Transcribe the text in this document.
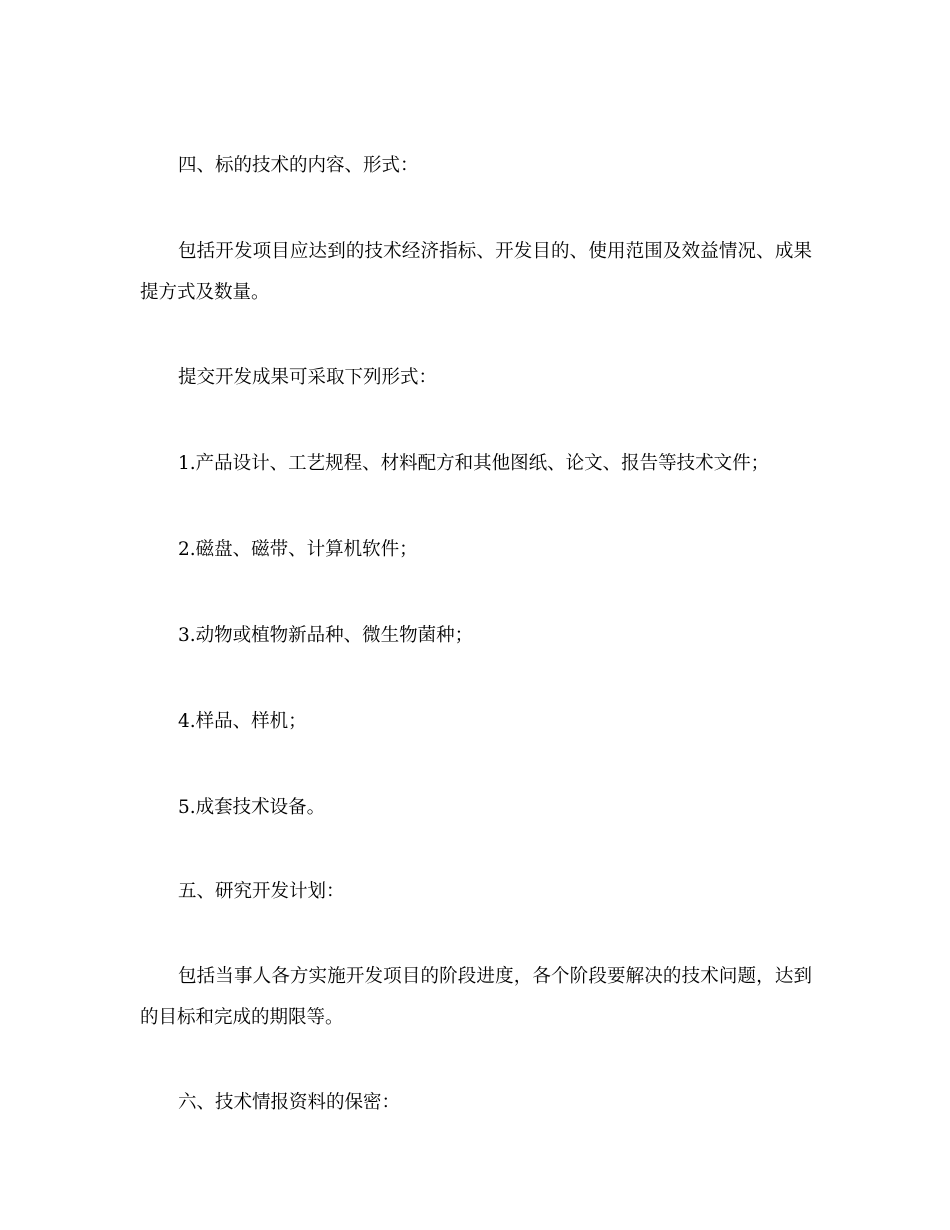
四、标的技术的内容、形式：

包括开发项目应达到的技术经济指标、开发目的、使用范围及效益情况、成果提方式及数量。

提交开发成果可采取下列形式：

1.产品设计、工艺规程、材料配方和其他图纸、论文、报告等技术文件；

2.磁盘、磁带、计算机软件；

3.动物或植物新品种、微生物菌种；

4.样品、样机；

5.成套技术设备。

五、研究开发计划：

包括当事人各方实施开发项目的阶段进度，各个阶段要解决的技术问题，达到的目标和完成的期限等。

六、技术情报资料的保密：
